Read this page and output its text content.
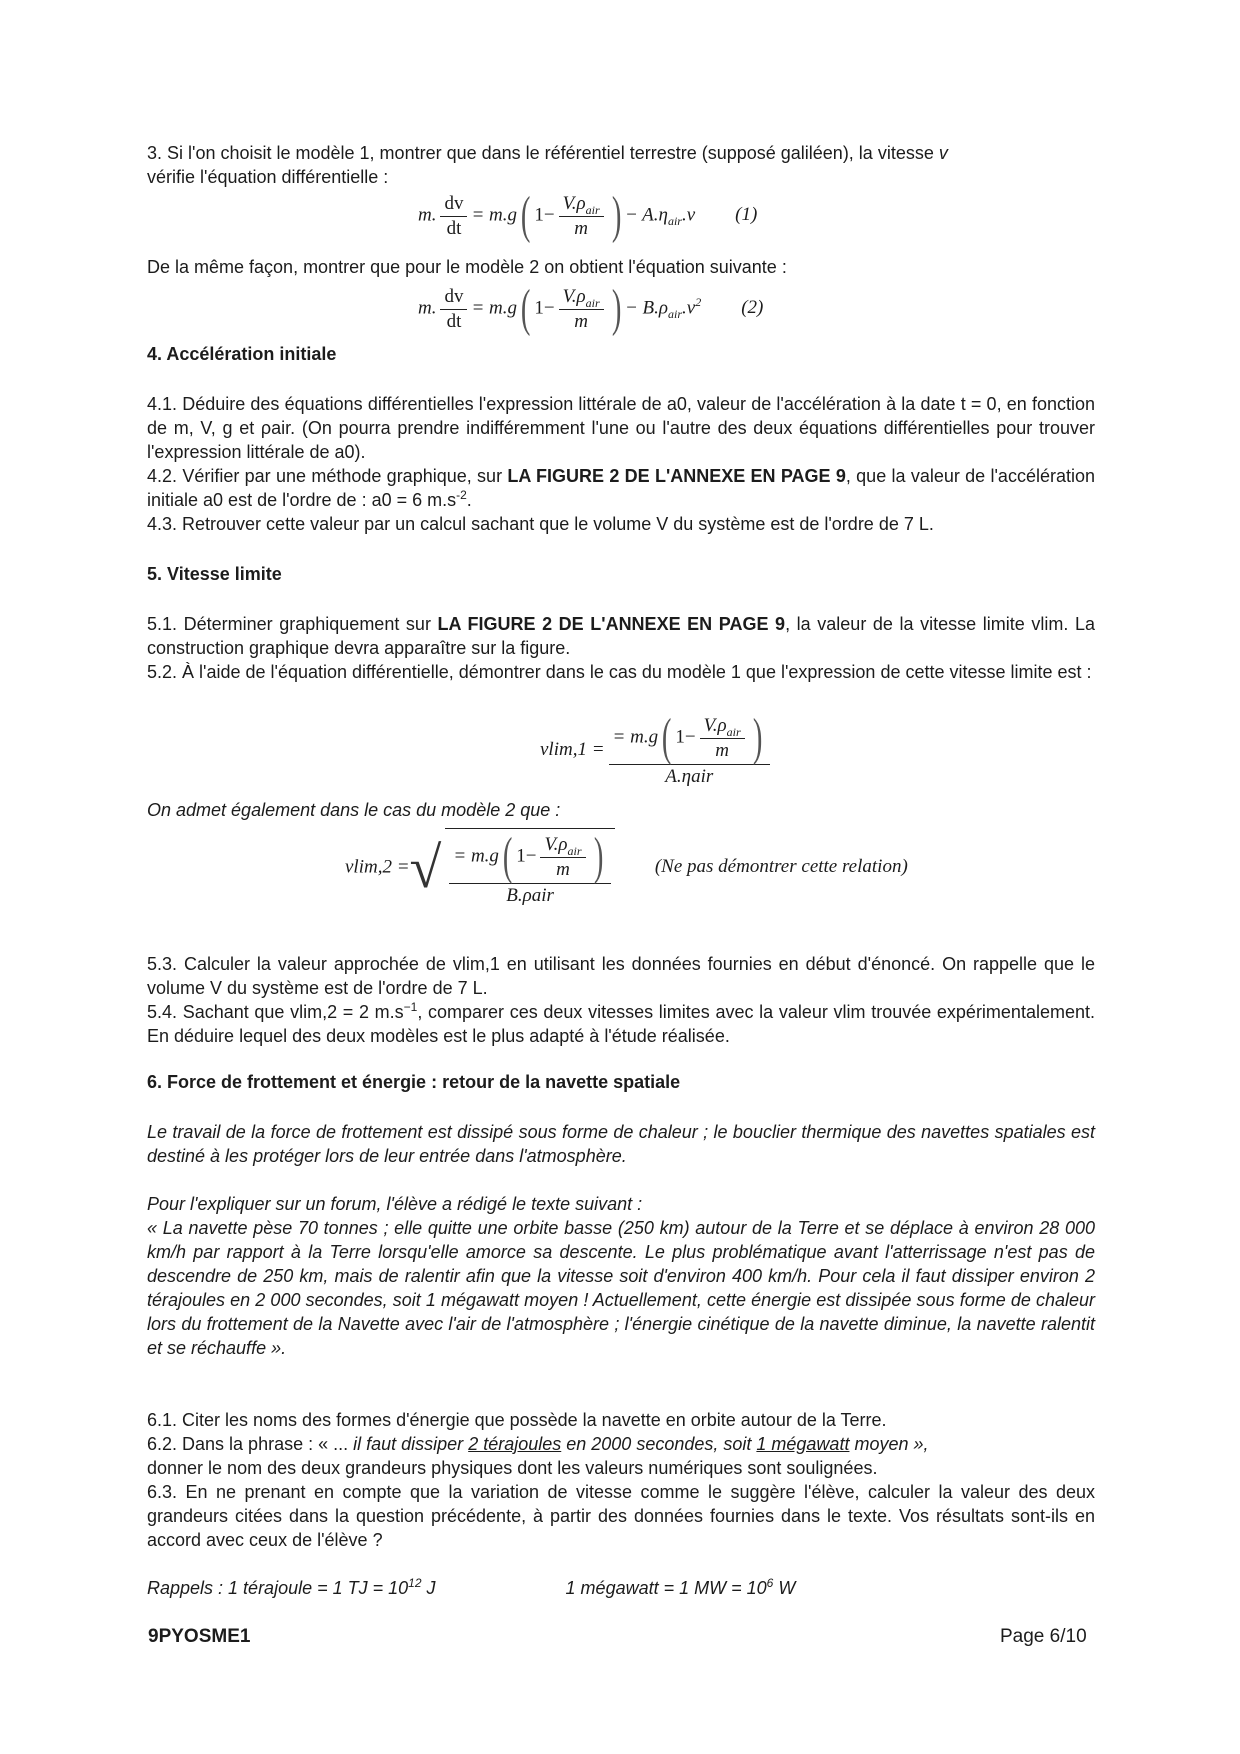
3. Si l'on choisit le modèle 1, montrer que dans le référentiel terrestre (supposé galiléen), la vitesse v
vérifie l'équation différentielle :

m. $\frac{dv}{dt} = m.g$( $1- \frac{V.\rho_{air}}{m}$ ) − $A.\eta_{air}.v$ (1)

De la même façon, montrer que pour le modèle 2 on obtient l'équation suivante :

m. $\frac{dv}{dt} = m.g$( $1- \frac{V.\rho_{air}}{m}$ ) − $B.\rho_{air}.v^2$ (2)

4. Accélération initiale

4.1. Déduire des équations différentielles l'expression littérale de a0, valeur de l'accélération à la date t = 0, en fonction de m, V, g et ρair. (On pourra prendre indifféremment l'une ou l'autre des deux équations différentielles pour trouver l'expression littérale de a0).

4.2. Vérifier par une méthode graphique, sur LA FIGURE 2 DE L'ANNEXE EN PAGE 9, que la valeur de l'accélération initiale a0 est de l'ordre de : a0 = 6 $m.s^{-2}$.

4.3. Retrouver cette valeur par un calcul sachant que le volume V du système est de l'ordre de 7 L.

5. Vitesse limite

5.1. Déterminer graphiquement sur LA FIGURE 2 DE L'ANNEXE EN PAGE 9, la valeur de la vitesse limite vlim. La construction graphique devra apparaître sur la figure.

5.2. À l'aide de l'équation différentielle, démontrer dans le cas du modèle 1 que l'expression de cette vitesse limite est :

$vlim,1 = \frac{= m.g( 1- \frac{V.\rho_{air}}{m} )}{\text{A.ηair}}$

On admet également dans le cas du modèle 2 que :

vlim,2 =√ $\frac{= m.g( 1- \frac{V.\rho_{air}}{m} )}{\text{B.ρair}} (Ne$ pas démontrer cette relation)

5.3. Calculer la valeur approchée de vlim,1 en utilisant les données fournies en début d'énoncé. On rappelle que le volume V du système est de l'ordre de 7 L.

5.4. Sachant que vlim,2 = 2 $m.s^{-1}$, comparer ces deux vitesses limites avec la valeur vlim trouvée expérimentalement. En déduire lequel des deux modèles est le plus adapté à l'étude réalisée.

6. Force de frottement et énergie : retour de la navette spatiale

Le travail de la force de frottement est dissipé sous forme de chaleur ; le bouclier thermique des navettes spatiales est destiné à les protéger lors de leur entrée dans l'atmosphère.

Pour l'expliquer sur un forum, l'élève a rédigé le texte suivant :

« La navette pèse 70 tonnes ; elle quitte une orbite basse (250 km) autour de la Terre et se déplace à environ 28 000 km/h par rapport à la Terre lorsqu'elle amorce sa descente. Le plus problématique avant l'atterrissage n'est pas de descendre de 250 km, mais de ralentir afin que la vitesse soit d'environ 400 km/h. Pour cela il faut dissiper environ 2 térajoules en 2 000 secondes, soit 1 mégawatt moyen ! Actuellement, cette énergie est dissipée sous forme de chaleur lors du frottement de la Navette avec l'air de l'atmosphère ; l'énergie cinétique de la navette diminue, la navette ralentit et se réchauffe ».

6.1. Citer les noms des formes d'énergie que possède la navette en orbite autour de la Terre.

6.2. Dans la phrase : « ... il faut dissiper 2 térajoules en 2000 secondes, soit 1 mégawatt moyen »,
donner le nom des deux grandeurs physiques dont les valeurs numériques sont soulignées.

6.3. En ne prenant en compte que la variation de vitesse comme le suggère l'élève, calculer la valeur des deux grandeurs citées dans la question précédente, à partir des données fournies dans le texte. Vos résultats sont-ils en accord avec ceux de l'élève ?

Rappels : 1 térajoule = 1 TJ = $10^{12}$ J	1 mégawatt = 1 MW = $10^6$ W

9PYOSME1	Page 6/10
